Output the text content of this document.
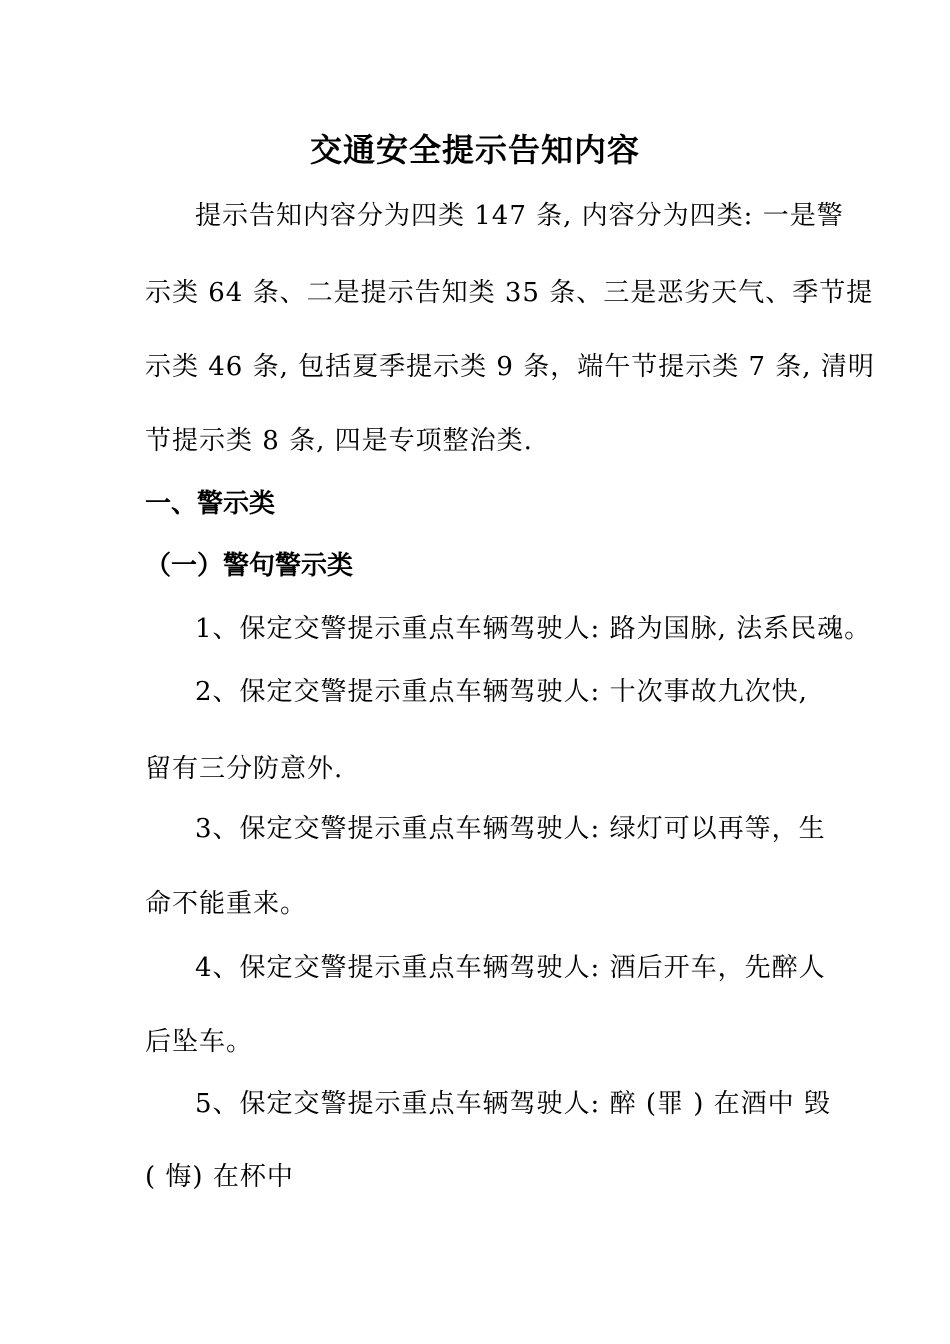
交通安全提示告知内容
提示告知内容分为四类 147 条, 内容分为四类: 一是警
示类 64 条、二是提示告知类 35 条、三是恶劣天气、季节提
示类 46 条, 包括夏季提示类 9 条，端午节提示类 7 条, 清明
节提示类 8 条, 四是专项整治类.
一、警示类
（一）警句警示类
1、保定交警提示重点车辆驾驶人: 路为国脉, 法系民魂。
2、保定交警提示重点车辆驾驶人: 十次事故九次快,
留有三分防意外.
3、保定交警提示重点车辆驾驶人: 绿灯可以再等，生
命不能重来。
4、保定交警提示重点车辆驾驶人: 酒后开车，先醉人
后坠车。
5、保定交警提示重点车辆驾驶人: 醉 (罪 ) 在酒中 毁
( 悔) 在杯中
